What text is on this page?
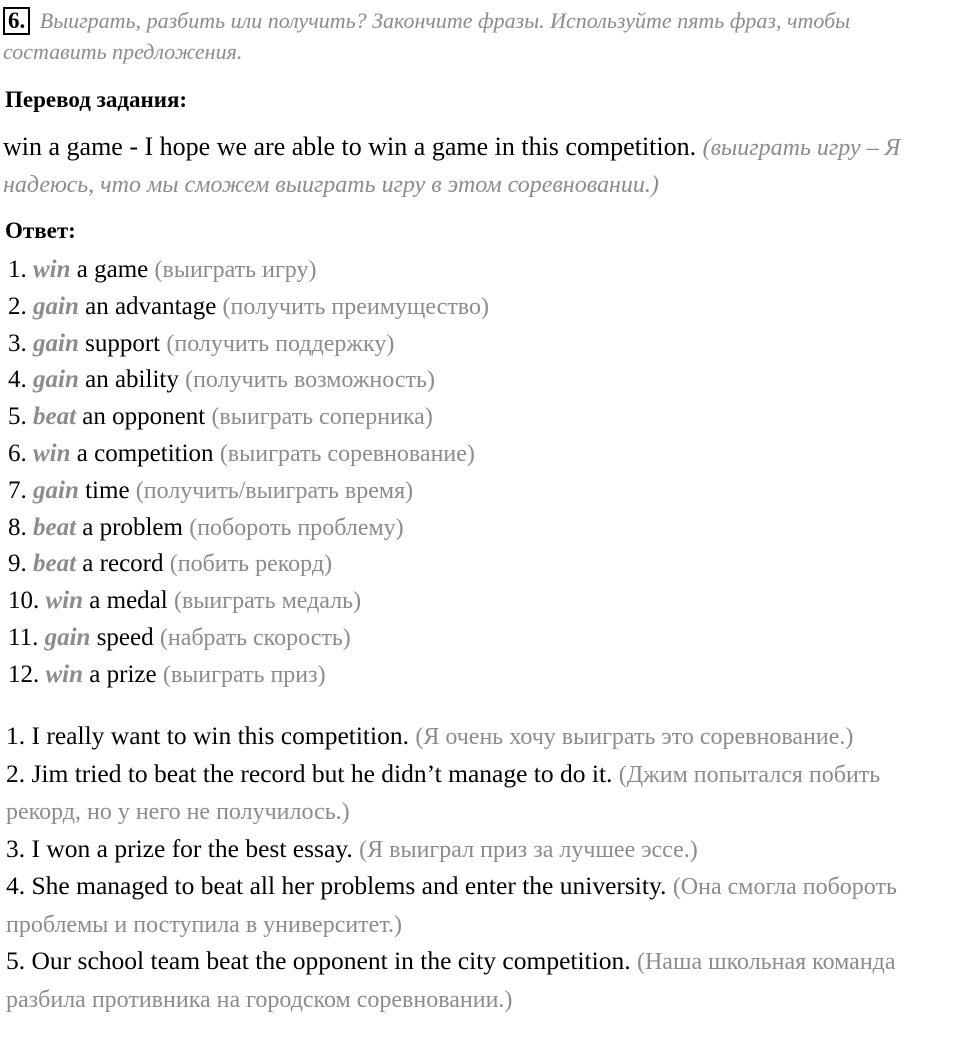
6. Выиграть, разбить или получить? Закончите фразы. Используйте пять фраз, чтобы составить предложения.
Перевод задания:
win a game - I hope we are able to win a game in this competition. (выиграть игру – Я надеюсь, что мы сможем выиграть игру в этом соревновании.)
Ответ:
1. win a game (выиграть игру)
2. gain an advantage (получить преимущество)
3. gain support (получить поддержку)
4. gain an ability (получить возможность)
5. beat an opponent (выиграть соперника)
6. win a competition (выиграть соревнование)
7. gain time (получить/выиграть время)
8. beat a problem (побороть проблему)
9. beat a record (побить рекорд)
10. win a medal (выиграть медаль)
11. gain speed (набрать скорость)
12. win a prize (выиграть приз)
1. I really want to win this competition. (Я очень хочу выиграть это соревнование.)
2. Jim tried to beat the record but he didn’t manage to do it. (Джим попытался побить рекорд, но у него не получилось.)
3. I won a prize for the best essay. (Я выиграл приз за лучшее эссе.)
4. She managed to beat all her problems and enter the university. (Она смогла побороть проблемы и поступила в университет.)
5. Our school team beat the opponent in the city competition. (Наша школьная команда разбила противника на городском соревновании.)
